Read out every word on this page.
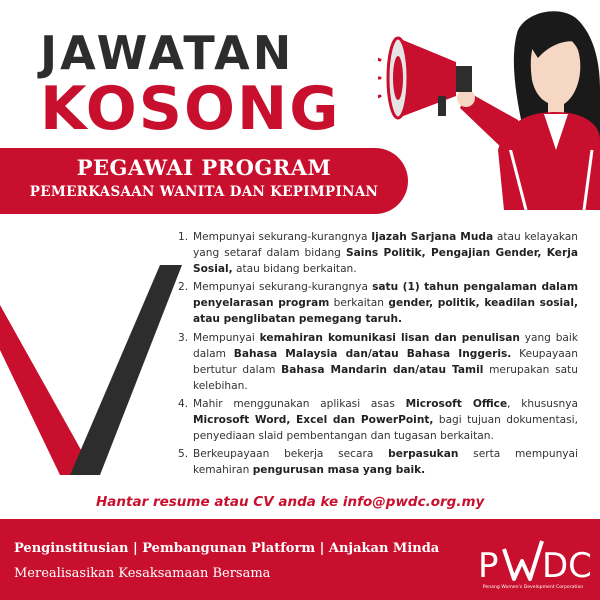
JAWATAN
KOSONG
PEGAWAI PROGRAM
PEMERKASAAN WANITA DAN KEPIMPINAN
1. Mempunyai sekurang-kurangnya Ijazah Sarjana Muda atau kelayakan yang setaraf dalam bidang Sains Politik, Pengajian Gender, Kerja Sosial, atau bidang berkaitan.
2. Mempunyai sekurang-kurangnya satu (1) tahun pengalaman dalam penyelarasan program berkaitan gender, politik, keadilan sosial, atau penglibatan pemegang taruh.
3. Mempunyai kemahiran komunikasi lisan dan penulisan yang baik dalam Bahasa Malaysia dan/atau Bahasa Inggeris. Keupayaan bertutur dalam Bahasa Mandarin dan/atau Tamil merupakan satu kelebihan.
4. Mahir menggunakan aplikasi asas Microsoft Office, khususnya Microsoft Word, Excel dan PowerPoint, bagi tujuan dokumentasi, penyediaan slaid pembentangan dan tugasan berkaitan.
5. Berkeupayaan bekerja secara berpasukan serta mempunyai kemahiran pengurusan masa yang baik.
Hantar resume atau CV anda ke info@pwdc.org.my
Penginstitusian | Pembangunan Platform | Anjakan Minda
Merealisasikan Kesaksamaan Bersama	P DC
Penang Women's Development Corporation
